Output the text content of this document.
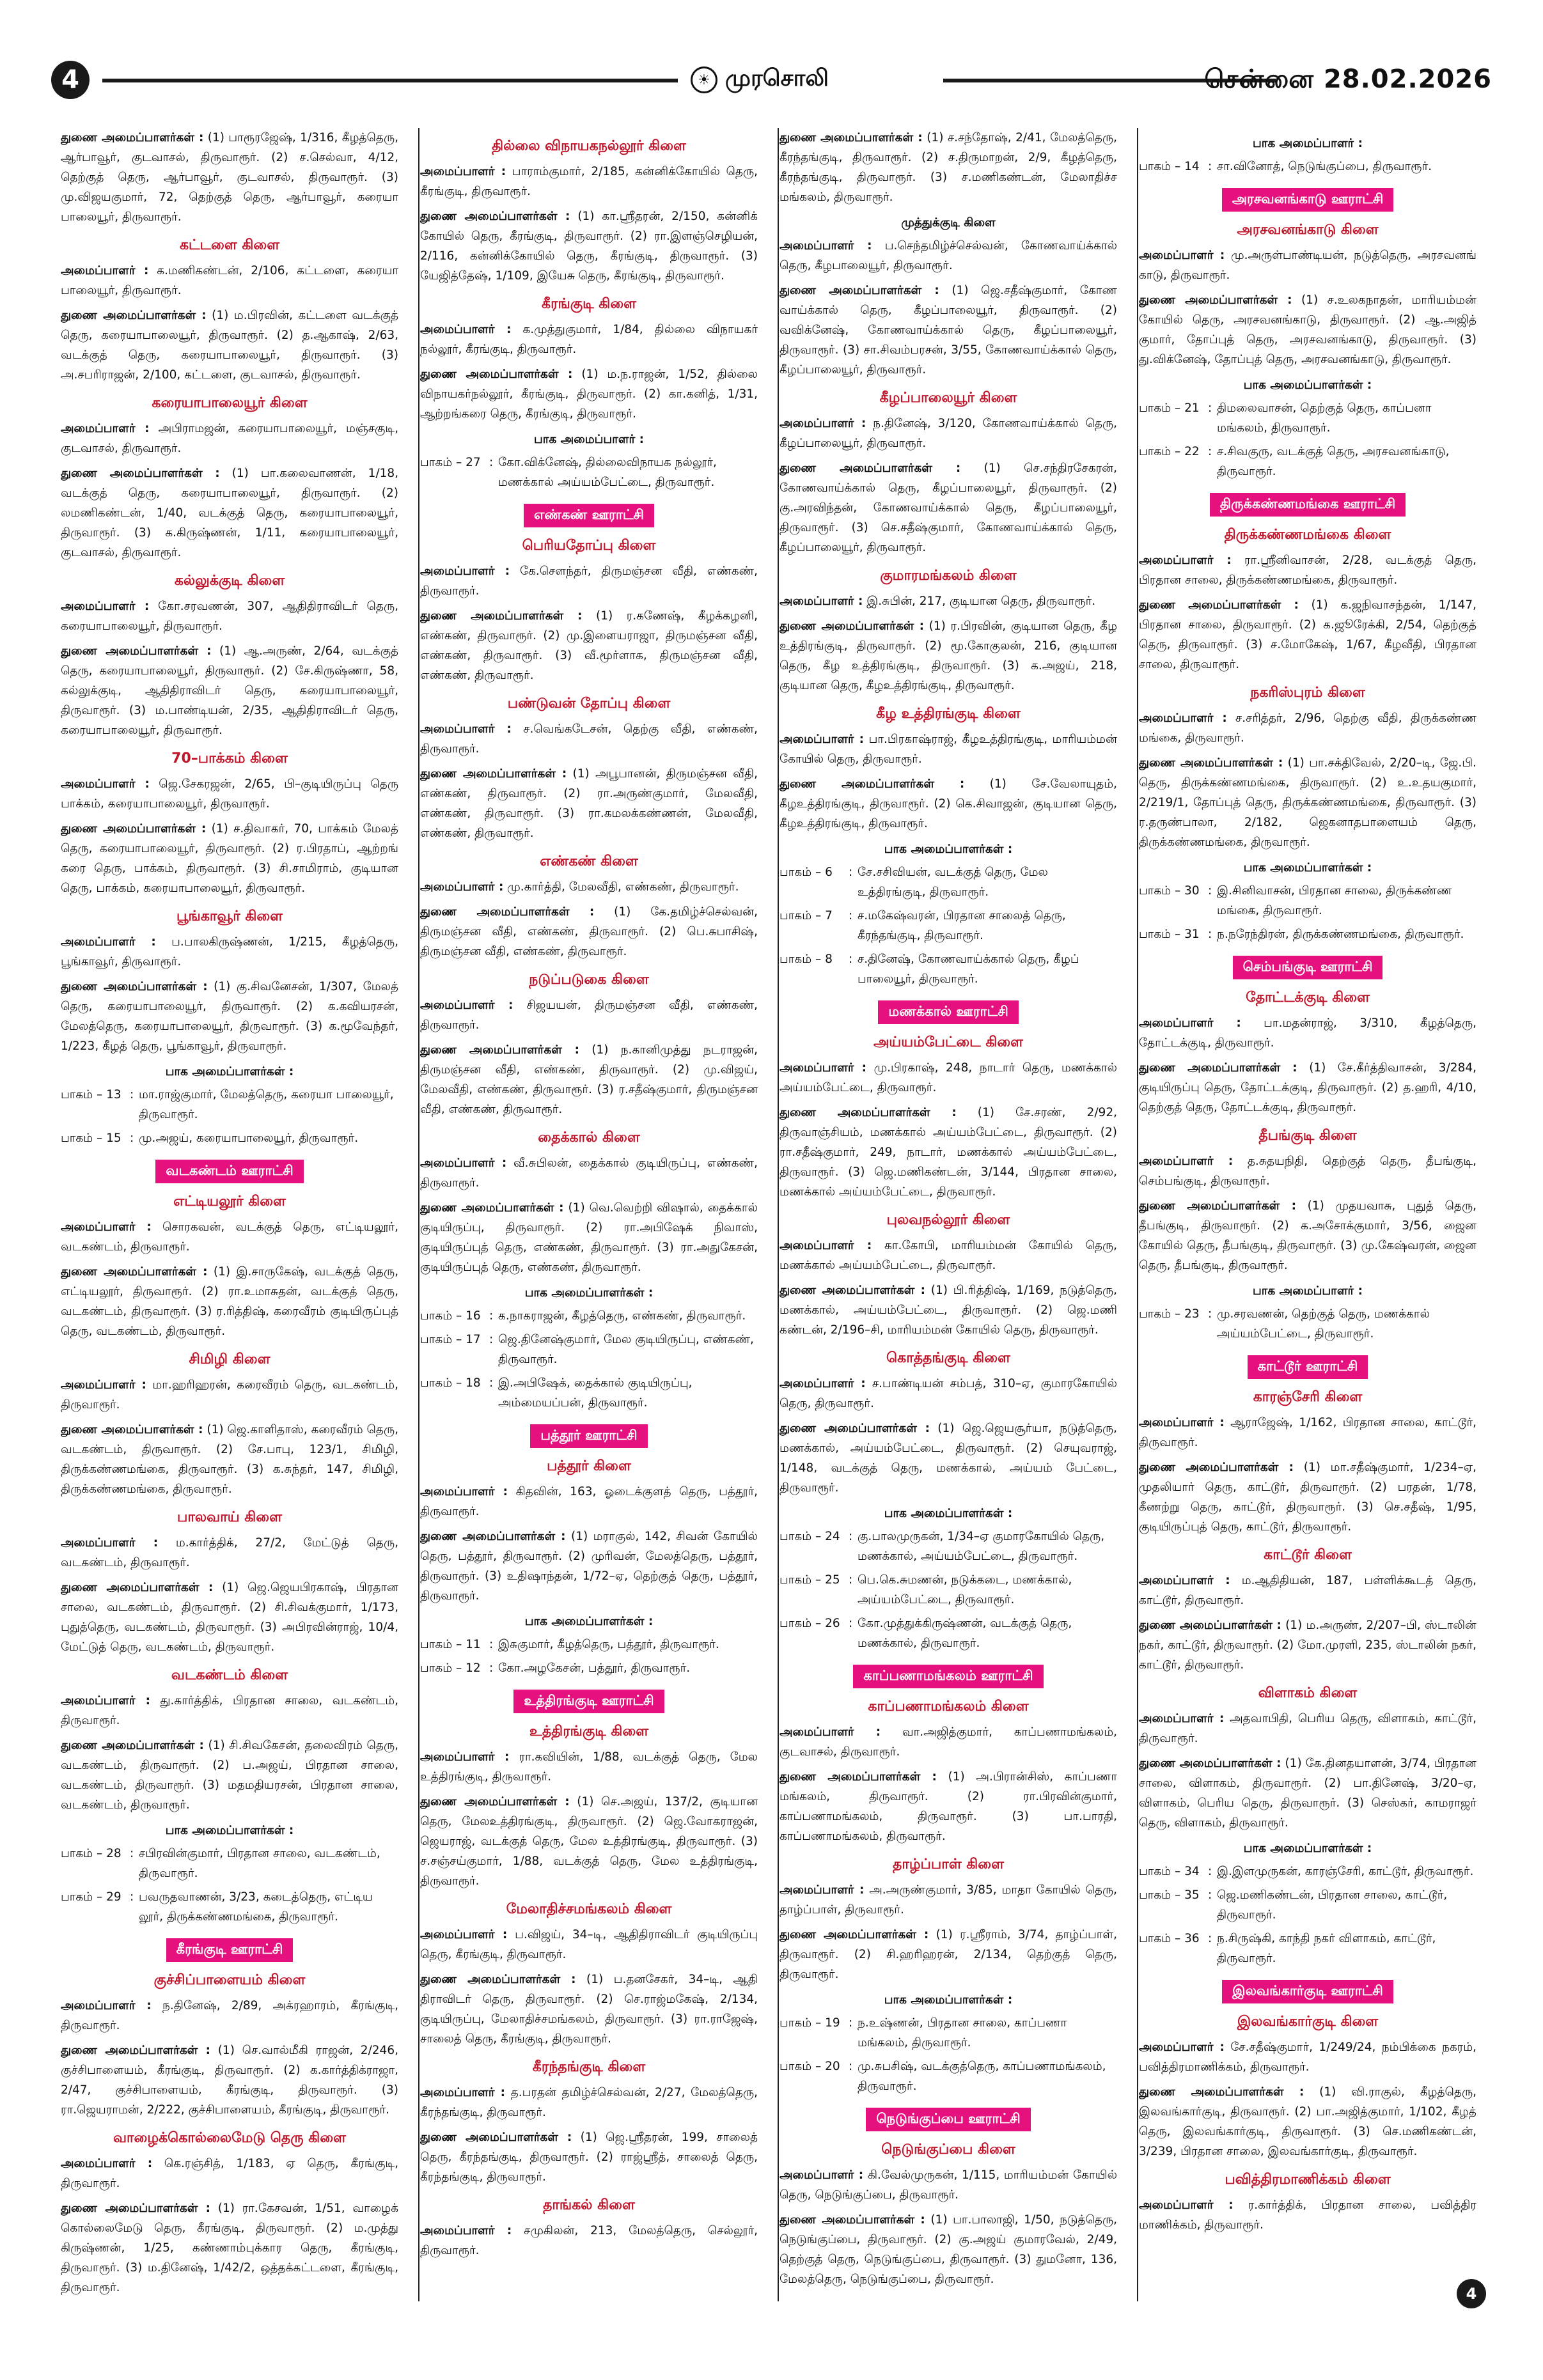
4	☀ முரசொலி	சென்னை 28.02.2026

துணை அமைப்பாளர்கள் : (1) பாரூரஜேஷ், 1/316, கீழத்தெரு, ஆர்பாவூர், குடவாசல், திருவாரூர். (2) ச.செல்வா, 4/12, தெற்குத் தெரு, ஆர்பாவூர், குடவாசல், திருவாரூர். (3) மு.விஜயகுமார், 72, தெற்குத் தெரு, ஆர்பாவூர், கரையா பாலையூர், திருவாரூர்.

கட்டளை கிளை

அமைப்பாளர் : க.மணிகண்டன், 2/106, கட்டளை, கரையா பாலையூர், திருவாரூர்.

துணை அமைப்பாளர்கள் : (1) ம.பிரவின், கட்டளை வடக்குத் தெரு, கரையாபாலையூர், திருவாரூர். (2) த.ஆகாஷ், 2/63, வடக்குத் தெரு, கரையாபாலையூர், திருவாரூர். (3) அ.சபரிராஜன், 2/100, கட்டளை, குடவாசல், திருவாரூர்.

கரையாபாலையூர் கிளை

அமைப்பாளர் : அபிராமஜன், கரையாபாலையூர், மஞ்சகுடி, குடவாசல், திருவாரூர்.

துணை அமைப்பாளர்கள் : (1) பா.கலைவாணன், 1/18, வடக்குத் தெரு, கரையாபாலையூர், திருவாரூர். (2) லமணிகண்டன், 1/40, வடக்குத் தெரு, கரையாபாலையூர், திருவாரூர். (3) க.கிருஷ்ணன், 1/11, கரையாபாலையூர், குடவாசல், திருவாரூர்.

கல்லுக்குடி கிளை

அமைப்பாளர் : கோ.சரவணன், 307, ஆதிதிராவிடர் தெரு, கரையாபாலையூர், திருவாரூர்.

துணை அமைப்பாளர்கள் : (1) ஆ.அருண், 2/64, வடக்குத் தெரு, கரையாபாலையூர், திருவாரூர். (2) சே.கிருஷ்ணா, 58, கல்லுக்குடி, ஆதிதிராவிடர் தெரு, கரையாபாலையூர், திருவாரூர். (3) ம.பாண்டியன், 2/35, ஆதிதிராவிடர் தெரு, கரையாபாலையூர், திருவாரூர்.

70–பாக்கம் கிளை

அமைப்பாளர் : ஜெ.சேகரஜன், 2/65, பி–குடியிருப்பு தெரு பாக்கம், கரையாபாலையூர், திருவாரூர்.

துணை அமைப்பாளர்கள் : (1) ச.திவாகர், 70, பாக்கம் மேலத் தெரு, கரையாபாலையூர், திருவாரூர். (2) ர.பிரதாப், ஆற்றங் கரை தெரு, பாக்கம், திருவாரூர். (3) சி.சாமிராம், குடியான தெரு, பாக்கம், கரையாபாலையூர், திருவாரூர்.

பூங்காவூர் கிளை

அமைப்பாளர் : ப.பாலகிருஷ்ணன், 1/215, கீழத்தெரு, பூங்காவூர், திருவாரூர்.

துணை அமைப்பாளர்கள் : (1) கு.சிவனேசன், 1/307, மேலத் தெரு, கரையாபாலையூர், திருவாரூர். (2) க.கவியரசன், மேலத்தெரு, கரையாபாலையூர், திருவாரூர். (3) க.மூவேந்தர், 1/223, கீழத் தெரு, பூங்காவூர், திருவாரூர்.

பாக அமைப்பாளர்கள் :
பாகம் – 13 : மா.ராஜ்குமார், மேலத்தெரு, கரையா பாலையூர், திருவாரூர்.
பாகம் – 15 : மு.அஜய், கரையாபாலையூர், திருவாரூர்.
வடகண்டம் ஊராட்சி
எட்டியலூர் கிளை

அமைப்பாளர் : சொரகவன், வடக்குத் தெரு, எட்டியலூர், வடகண்டம், திருவாரூர்.

துணை அமைப்பாளர்கள் : (1) இ.சாருகேஷ், வடக்குத் தெரு, எட்டியலூர், திருவாரூர். (2) ரா.உமாசுதன், வடக்குத் தெரு, வடகண்டம், திருவாரூர். (3) ர.ரித்திஷ், கரைவீரம் குடியிருப்புத் தெரு, வடகண்டம், திருவாரூர்.

சிமிழி கிளை

அமைப்பாளர் : மா.ஹரிஹரன், கரைவீரம் தெரு, வடகண்டம், திருவாரூர்.

துணை அமைப்பாளர்கள் : (1) ஜெ.காளிதாஸ், கரைவீரம் தெரு, வடகண்டம், திருவாரூர். (2) சே.பாபு, 123/1, சிமிழி, திருக்கண்ணமங்கை, திருவாரூர். (3) க.சுந்தர், 147, சிமிழி, திருக்கண்ணமங்கை, திருவாரூர்.

பாலவாய் கிளை

அமைப்பாளர் : ம.கார்த்திக், 27/2, மேட்டுத் தெரு, வடகண்டம், திருவாரூர்.

துணை அமைப்பாளர்கள் : (1) ஜெ.ஜெயபிரகாஷ், பிரதான சாலை, வடகண்டம், திருவாரூர். (2) சி.சிவக்குமார், 1/173, புதுத்தெரு, வடகண்டம், திருவாரூர். (3) அபிரவின்ராஜ், 10/4, மேட்டுத் தெரு, வடகண்டம், திருவாரூர்.

வடகண்டம் கிளை

அமைப்பாளர் : து.கார்த்திக், பிரதான சாலை, வடகண்டம், திருவாரூர்.

துணை அமைப்பாளர்கள் : (1) சி.சிவகேசன், தலைவிரம் தெரு, வடகண்டம், திருவாரூர். (2) ப.அஜய், பிரதான சாலை, வடகண்டம், திருவாரூர். (3) மதமதியரசன், பிரதான சாலை, வடகண்டம், திருவாரூர்.

பாக அமைப்பாளர்கள் :
பாகம் – 28 : சபிரவின்குமார், பிரதான சாலை, வடகண்டம், திருவாரூர்.
பாகம் – 29 : பவருதவாணன், 3/23, கடைத்தெரு, எட்டிய லூர், திருக்கண்ணமங்கை, திருவாரூர்.
கீரங்குடி ஊராட்சி
குச்சிப்பாளையம் கிளை

அமைப்பாளர் : ந.தினேஷ், 2/89, அக்ரஹாரம், கீரங்குடி, திருவாரூர்.

துணை அமைப்பாளர்கள் : (1) செ.வால்மீகி ராஜன், 2/246, குச்சிபாளையம், கீரங்குடி, திருவாரூர். (2) க.கார்த்திக்ராஜா, 2/47, குச்சிபாளையம், கீரங்குடி, திருவாரூர். (3) ரா.ஜெயராமன், 2/222, குச்சிபாளையம், கீரங்குடி, திருவாரூர்.

வாழைக்கொல்லைமேடு தெரு கிளை

அமைப்பாளர் : கெ.ரஞ்சித், 1/183, ஏ தெரு, கீரங்குடி, திருவாரூர்.

துணை அமைப்பாளர்கள் : (1) ரா.கேசவன், 1/51, வாழைக் கொல்லைமேடு தெரு, கீரங்குடி, திருவாரூர். (2) ம.முத்து கிருஷ்ணன், 1/25, கண்ணாம்புக்கார தெரு, கீரங்குடி, திருவாரூர். (3) ம.தினேஷ், 1/42/2, ஒத்தக்கட்டளை, கீரங்குடி, திருவாரூர்.

தில்லை விநாயகநல்லூர் கிளை

அமைப்பாளர் : பாராம்குமார், 2/185, கன்னிக்கோயில் தெரு, கீரங்குடி, திருவாரூர்.

துணை அமைப்பாளர்கள் : (1) கா.ஸ்ரீதரன், 2/150, கன்னிக் கோயில் தெரு, கீரங்குடி, திருவாரூர். (2) ரா.இளஞ்செழியன், 2/116, கன்னிக்கோயில் தெரு, கீரங்குடி, திருவாரூர். (3) யேஜித்தேஷ், 1/109, இயேசு தெரு, கீரங்குடி, திருவாரூர்.

கீரங்குடி கிளை

அமைப்பாளர் : க.முத்துகுமார், 1/84, தில்லை விநாயகர் நல்லூர், கீரங்குடி, திருவாரூர்.

துணை அமைப்பாளர்கள் : (1) ம.ந.ராஜன், 1/52, தில்லை விநாயகர்நல்லூர், கீரங்குடி, திருவாரூர். (2) கா.கனித், 1/31, ஆற்றங்கரை தெரு, கீரங்குடி, திருவாரூர்.

பாக அமைப்பாளர் :
பாகம் – 27 : கோ.விக்னேஷ், தில்லைவிநாயக நல்லூர், மணக்கால் அய்யம்பேட்டை, திருவாரூர்.
எண்கண் ஊராட்சி
பெரியதோப்பு கிளை

அமைப்பாளர் : கே.சௌந்தர், திருமஞ்சன வீதி, எண்கண், திருவாரூர்.

துணை அமைப்பாளர்கள் : (1) ர.கணேஷ், கீழக்கழனி, எண்கண், திருவாரூர். (2) மு.இளையராஜா, திருமஞ்சன வீதி, எண்கண், திருவாரூர். (3) வீ.மூர்ளாக, திருமஞ்சன வீதி, எண்கண், திருவாரூர்.

பண்டுவன் தோப்பு கிளை

அமைப்பாளர் : ச.வெங்கடேசன், தெற்கு வீதி, எண்கண், திருவாரூர்.

துணை அமைப்பாளர்கள் : (1) அபூபானன், திருமஞ்சன வீதி, எண்கண், திருவாரூர். (2) ரா.அருண்குமார், மேலவீதி, எண்கண், திருவாரூர். (3) ரா.கமலக்கண்ணன், மேலவீதி, எண்கண், திருவாரூர்.

எண்கண் கிளை

அமைப்பாளர் : மு.கார்த்தி, மேலவீதி, எண்கண், திருவாரூர்.

துணை அமைப்பாளர்கள் : (1) கே.தமிழ்ச்செல்வன், திருமஞ்சன வீதி, எண்கண், திருவாரூர். (2) பெ.சுபாசிஷ், திருமஞ்சன வீதி, எண்கண், திருவாரூர்.

நடுப்படுகை கிளை

அமைப்பாளர் : சிஜயயன், திருமஞ்சன வீதி, எண்கண், திருவாரூர்.

துணை அமைப்பாளர்கள் : (1) ந.கானிமுத்து நடராஜன், திருமஞ்சன வீதி, எண்கண், திருவாரூர். (2) மு.விஜய், மேலவீதி, எண்கண், திருவாரூர். (3) ர.சதீஷ்குமார், திருமஞ்சன வீதி, எண்கண், திருவாரூர்.

தைக்கால் கிளை

அமைப்பாளர் : வீ.சுபிலன், தைக்கால் குடியிருப்பு, எண்கண், திருவாரூர்.

துணை அமைப்பாளர்கள் : (1) வெ.வெற்றி விஷால், தைக்கால் குடியிருப்பு, திருவாரூர். (2) ரா.அபிஷேக் நிவாஸ், குடியிருப்புத் தெரு, எண்கண், திருவாரூர். (3) ரா.அதுகேசன், குடியிருப்புத் தெரு, எண்கண், திருவாரூர்.

பாக அமைப்பாளர்கள் :
பாகம் – 16 : க.நாகராஜன், கீழத்தெரு, எண்கண், திருவாரூர்.
பாகம் – 17 : ஜெ.தினேஷ்குமார், மேல குடியிருப்பு, எண்கண், திருவாரூர்.
பாகம் – 18 : இ.அபிஷேக், தைக்கால் குடியிருப்பு, அம்மையப்பன், திருவாரூர்.
பத்தூர் ஊராட்சி
பத்தூர் கிளை

அமைப்பாளர் : கிதவின், 163, ஓடைக்குளத் தெரு, பத்தூர், திருவாரூர்.

துணை அமைப்பாளர்கள் : (1) மராகுல், 142, சிவன் கோயில் தெரு, பத்தூர், திருவாரூர். (2) முரிவன், மேலத்தெரு, பத்தூர், திருவாரூர். (3) உதிஷாந்தன், 1/72–ஏ, தெற்குத் தெரு, பத்தூர், திருவாரூர்.

பாக அமைப்பாளர்கள் :
பாகம் – 11 : இசுகுமார், கீழத்தெரு, பத்தூர், திருவாரூர்.
பாகம் – 12 : கோ.அழகேசன், பத்தூர், திருவாரூர்.
உத்திரங்குடி ஊராட்சி
உத்திரங்குடி கிளை

அமைப்பாளர் : ரா.கவியின், 1/88, வடக்குத் தெரு, மேல உத்திரங்குடி, திருவாரூர்.

துணை அமைப்பாளர்கள் : (1) செ.அஜய், 137/2, குடியான தெரு, மேலஉத்திரங்குடி, திருவாரூர். (2) ஜெ.வோகராஜன், ஜெயராஜ், வடக்குத் தெரு, மேல உத்திரங்குடி, திருவாரூர். (3) ச.சஞ்சய்குமார், 1/88, வடக்குத் தெரு, மேல உத்திரங்குடி, திருவாரூர்.

மேலாதிச்சமங்கலம் கிளை

அமைப்பாளர் : ப.விஜய், 34–டி, ஆதிதிராவிடர் குடியிருப்பு தெரு, கீரங்குடி, திருவாரூர்.

துணை அமைப்பாளர்கள் : (1) ப.தனசேகர், 34–டி, ஆதி திராவிடர் தெரு, திருவாரூர். (2) செ.ராஜ்மகேஷ், 2/134, குடியிருப்பு, மேலாதிச்சமங்கலம், திருவாரூர். (3) ரா.ராஜேஷ், சாலைத் தெரு, கீரங்குடி, திருவாரூர்.

கீரந்தங்குடி கிளை

அமைப்பாளர் : த.பரதன் தமிழ்ச்செல்வன், 2/27, மேலத்தெரு, கீரந்தங்குடி, திருவாரூர்.

துணை அமைப்பாளர்கள் : (1) ஜெ.ஸ்ரீதரன், 199, சாலைத் தெரு, கீரந்தங்குடி, திருவாரூர். (2) ராஜ்ஸ்ரீத், சாலைத் தெரு, கீரந்தங்குடி, திருவாரூர்.

தாங்கல் கிளை

அமைப்பாளர் : சமுகிலன், 213, மேலத்தெரு, செல்லூர், திருவாரூர்.

துணை அமைப்பாளர்கள் : (1) ச.சந்தோஷ், 2/41, மேலத்தெரு, கீரந்தங்குடி, திருவாரூர். (2) ச.திருமாறன், 2/9, கீழத்தெரு, கீரந்தங்குடி, திருவாரூர். (3) ச.மணிகண்டன், மேலாதிச்ச மங்கலம், திருவாரூர்.

முத்துக்குடி கிளை

அமைப்பாளர் : ப.செந்தமிழ்ச்செல்வன், கோணவாய்க்கால் தெரு, கீழபாலையூர், திருவாரூர்.

துணை அமைப்பாளர்கள் : (1) ஜெ.சதீஷ்குமார், கோண வாய்க்கால் தெரு, கீழப்பாலையூர், திருவாரூர். (2) வவிக்னேஷ், கோணவாய்க்கால் தெரு, கீழப்பாலையூர், திருவாரூர். (3) சா.சிவம்பரசன், 3/55, கோணவாய்க்கால் தெரு, கீழப்பாலையூர், திருவாரூர்.

கீழப்பாலையூர் கிளை

அமைப்பாளர் : ந.தினேஷ், 3/120, கோணவாய்க்கால் தெரு, கீழப்பாலையூர், திருவாரூர்.

துணை அமைப்பாளர்கள் : (1) செ.சந்திரசேகரன், கோணவாய்க்கால் தெரு, கீழப்பாலையூர், திருவாரூர். (2) கு.அரவிந்தன், கோணவாய்க்கால் தெரு, கீழப்பாலையூர், திருவாரூர். (3) செ.சதீஷ்குமார், கோணவாய்க்கால் தெரு, கீழப்பாலையூர், திருவாரூர்.

குமாரமங்கலம் கிளை

அமைப்பாளர் : இ.சுபின், 217, குடியான தெரு, திருவாரூர்.

துணை அமைப்பாளர்கள் : (1) ர.பிரவின், குடியான தெரு, கீழ உத்திரங்குடி, திருவாரூர். (2) மூ.கோகுலன், 216, குடியான தெரு, கீழ உத்திரங்குடி, திருவாரூர். (3) க.அஜய், 218, குடியான தெரு, கீழஉத்திரங்குடி, திருவாரூர்.

கீழ உத்திரங்குடி கிளை

அமைப்பாளர் : பா.பிரகாஷ்ராஜ், கீழஉத்திரங்குடி, மாரியம்மன் கோயில் தெரு, திருவாரூர்.

துணை அமைப்பாளர்கள் : (1) சே.வேலாயுதம், கீழஉத்திரங்குடி, திருவாரூர். (2) கெ.சிவாஜன், குடியான தெரு, கீழஉத்திரங்குடி, திருவாரூர்.

பாக அமைப்பாளர்கள் :
பாகம் – 6	: சே.சசிவியன், வடக்குத் தெரு, மேல உத்திரங்குடி, திருவாரூர்.
பாகம் – 7	: ச.மகேஷ்வரன், பிரதான சாலைத் தெரு, கீரந்தங்குடி, திருவாரூர்.
பாகம் – 8	: ச.தினேஷ், கோணவாய்க்கால் தெரு, கீழப் பாலையூர், திருவாரூர்.
மணக்கால் ஊராட்சி
அய்யம்பேட்டை கிளை

அமைப்பாளர் : மு.பிரகாஷ், 248, நாடார் தெரு, மணக்கால் அய்யம்பேட்டை, திருவாரூர்.

துணை அமைப்பாளர்கள் : (1) சே.சரண், 2/92, திருவாஞ்சியம், மணக்கால் அய்யம்பேட்டை, திருவாரூர். (2) ரா.சதீஷ்குமார், 249, நாடார், மணக்கால் அய்யம்பேட்டை, திருவாரூர். (3) ஜெ.மணிகண்டன், 3/144, பிரதான சாலை, மணக்கால் அய்யம்பேட்டை, திருவாரூர்.

புலவநல்லூர் கிளை

அமைப்பாளர் : கா.கோபி, மாரியம்மன் கோயில் தெரு, மணக்கால் அய்யம்பேட்டை, திருவாரூர்.

துணை அமைப்பாளர்கள் : (1) பி.ரித்திஷ், 1/169, நடுத்தெரு, மணக்கால், அய்யம்பேட்டை, திருவாரூர். (2) ஜெ.மணி கண்டன், 2/196–சி, மாரியம்மன் கோயில் தெரு, திருவாரூர்.

கொத்தங்குடி கிளை

அமைப்பாளர் : ச.பாண்டியன் சம்பத், 310–ஏ, குமாரகோயில் தெரு, திருவாரூர்.

துணை அமைப்பாளர்கள் : (1) ஜெ.ஜெயசூர்யா, நடுத்தெரு, மணக்கால், அய்யம்பேட்டை, திருவாரூர். (2) செயுவராஜ், 1/148, வடக்குத் தெரு, மணக்கால், அய்யம் பேட்டை, திருவாரூர்.

பாக அமைப்பாளர்கள் :
பாகம் – 24 : கு.பாலமுருகன், 1/34–ஏ குமாரகோயில் தெரு, மணக்கால், அய்யம்பேட்டை, திருவாரூர்.
பாகம் – 25 : பெ.கெ.சுமணன், நடுக்கடை, மணக்கால், அய்யம்பேட்டை, திருவாரூர்.
பாகம் – 26 : கோ.முத்துக்கிருஷ்ணன், வடக்குத் தெரு, மணக்கால், திருவாரூர்.
காப்பணாமங்கலம் ஊராட்சி
காப்பணாமங்கலம் கிளை

அமைப்பாளர் : வா.அஜித்குமார், காப்பணாமங்கலம், குடவாசல், திருவாரூர்.

துணை அமைப்பாளர்கள் : (1) அ.பிரான்சிஸ், காப்பணா மங்கலம், திருவாரூர். (2) ரா.பிரவின்குமார், காப்பணாமங்கலம், திருவாரூர். (3) பா.பாரதி, காப்பணாமங்கலம், திருவாரூர்.

தாழ்ப்பாள் கிளை

அமைப்பாளர் : அ.அருண்குமார், 3/85, மாதா கோயில் தெரு, தாழ்ப்பாள், திருவாரூர்.

துணை அமைப்பாளர்கள் : (1) ர.ஸ்ரீராம், 3/74, தாழ்ப்பாள், திருவாரூர். (2) சி.ஹரிஹரன், 2/134, தெற்குத் தெரு, திருவாரூர்.

பாக அமைப்பாளர்கள் :
பாகம் – 19 : ந.உஷ்ணன், பிரதான சாலை, காப்பணா மங்கலம், திருவாரூர்.
பாகம் – 20 : மு.சுபசிஷ், வடக்குத்தெரு, காப்பணாமங்கலம், திருவாரூர்.
நெடுங்குப்பை ஊராட்சி
நெடுங்குப்பை கிளை

அமைப்பாளர் : கி.வேல்முருகன், 1/115, மாரியம்மன் கோயில் தெரு, நெடுங்குப்பை, திருவாரூர்.

துணை அமைப்பாளர்கள் : (1) பா.பாலாஜி, 1/50, நடுத்தெரு, நெடுங்குப்பை, திருவாரூர். (2) கு.அஜய் குமாரவேல், 2/49, தெற்குத் தெரு, நெடுங்குப்பை, திருவாரூர். (3) துமனோ, 136, மேலத்தெரு, நெடுங்குப்பை, திருவாரூர்.

பாக அமைப்பாளர் :
பாகம் – 14 : சா.வினோத், நெடுங்குப்பை, திருவாரூர்.
அரசவனங்காடு ஊராட்சி
அரசவனங்காடு கிளை

அமைப்பாளர் : மு.அருள்பாண்டியன், நடுத்தெரு, அரசவனங் காடு, திருவாரூர்.

துணை அமைப்பாளர்கள் : (1) ச.உலகநாதன், மாரியம்மன் கோயில் தெரு, அரசவனங்காடு, திருவாரூர். (2) ஆ.அஜித் குமார், தோப்புத் தெரு, அரசவனங்காடு, திருவாரூர். (3) து.விக்னேஷ், தோப்புத் தெரு, அரசவனங்காடு, திருவாரூர்.

பாக அமைப்பாளர்கள் :
பாகம் – 21 : திமலைவாசன், தெற்குத் தெரு, காப்பனா மங்கலம், திருவாரூர்.
பாகம் – 22 : ச.சிவகுரு, வடக்குத் தெரு, அரசவனங்காடு, திருவாரூர்.
திருக்கண்ணமங்கை ஊராட்சி
திருக்கண்ணமங்கை கிளை

அமைப்பாளர் : ரா.ஸ்ரீனிவாசன், 2/28, வடக்குத் தெரு, பிரதான சாலை, திருக்கண்ணமங்கை, திருவாரூர்.

துணை அமைப்பாளர்கள் : (1) க.ஜநிவாசந்தன், 1/147, பிரதான சாலை, திருவாரூர். (2) க.ஜூரேக்கி, 2/54, தெற்குத் தெரு, திருவாரூர். (3) ச.மோகேஷ், 1/67, கீழவீதி, பிரதான சாலை, திருவாரூர்.

நகரிஸ்புரம் கிளை

அமைப்பாளர் : ச.சரித்தர், 2/96, தெற்கு வீதி, திருக்கண்ண மங்கை, திருவாரூர்.

துணை அமைப்பாளர்கள் : (1) பா.சக்திவேல், 2/20–டி, ஜே.பி. தெரு, திருக்கண்ணமங்கை, திருவாரூர். (2) உ.உதயகுமார், 2/219/1, தோப்புத் தெரு, திருக்கண்ணமங்கை, திருவாரூர். (3) ர.தருண்பாலா, 2/182, ஜெகனாதபாளையம் தெரு, திருக்கண்ணமங்கை, திருவாரூர்.

பாக அமைப்பாளர்கள் :
பாகம் – 30 : இ.சினிவாசன், பிரதான சாலை, திருக்கண்ண மங்கை, திருவாரூர்.
பாகம் – 31 : ந.நரேந்திரன், திருக்கண்ணமங்கை, திருவாரூர்.
செம்பங்குடி ஊராட்சி
தோட்டக்குடி கிளை

அமைப்பாளர் : பா.மதன்ராஜ், 3/310, கீழத்தெரு, தோட்டக்குடி, திருவாரூர்.

துணை அமைப்பாளர்கள் : (1) சே.கீர்த்திவாசன், 3/284, குடியிருப்பு தெரு, தோட்டக்குடி, திருவாரூர். (2) த.ஹரி, 4/10, தெற்குத் தெரு, தோட்டக்குடி, திருவாரூர்.

தீபங்குடி கிளை

அமைப்பாளர் : த.சுதயநிதி, தெற்குத் தெரு, தீபங்குடி, செம்பங்குடி, திருவாரூர்.

துணை அமைப்பாளர்கள் : (1) முதயவாசு, புதுத் தெரு, தீபங்குடி, திருவாரூர். (2) க.அசோக்குமார், 3/56, ஜைன கோயில் தெரு, தீபங்குடி, திருவாரூர். (3) மு.கேஷ்வரன், ஜைன தெரு, தீபங்குடி, திருவாரூர்.

பாக அமைப்பாளர் :
பாகம் – 23 : மு.சரவணன், தெற்குத் தெரு, மணக்கால் அய்யம்பேட்டை, திருவாரூர்.
காட்டூர் ஊராட்சி
காரஞ்சேரி கிளை

அமைப்பாளர் : ஆராஜேஷ், 1/162, பிரதான சாலை, காட்டூர், திருவாரூர்.

துணை அமைப்பாளர்கள் : (1) மா.சதீஷ்குமார், 1/234–ஏ, முதலியார் தெரு, காட்டூர், திருவாரூர். (2) பரதன், 1/78, கீணற்று தெரு, காட்டூர், திருவாரூர். (3) செ.சதீஷ், 1/95, குடியிருப்புத் தெரு, காட்டூர், திருவாரூர்.

காட்டூர் கிளை

அமைப்பாளர் : ம.ஆதிதியன், 187, பள்ளிக்கூடத் தெரு, காட்டூர், திருவாரூர்.

துணை அமைப்பாளர்கள் : (1) ம.அருண், 2/207–பி, ஸ்டாலின் நகர், காட்டூர், திருவாரூர். (2) மோ.முரளி, 235, ஸ்டாலின் நகர், காட்டூர், திருவாரூர்.

விளாகம் கிளை

அமைப்பாளர் : அதவாபிதி, பெரிய தெரு, விளாகம், காட்டூர், திருவாரூர்.

துணை அமைப்பாளர்கள் : (1) கே.தினதயாளன், 3/74, பிரதான சாலை, விளாகம், திருவாரூர். (2) பா.தினேஷ், 3/20–ஏ, விளாகம், பெரிய தெரு, திருவாரூர். (3) செஸ்கர், காமராஜர் தெரு, விளாகம், திருவாரூர்.

பாக அமைப்பாளர்கள் :
பாகம் – 34 : இ.இளமுருகன், காரஞ்சேரி, காட்டூர், திருவாரூர்.
பாகம் – 35 : ஜெ.மணிகண்டன், பிரதான சாலை, காட்டூர், திருவாரூர்.
பாகம் – 36 : ந.சிருஷ்கி, காந்தி நகர் விளாகம், காட்டூர், திருவாரூர்.
இலவங்கார்குடி ஊராட்சி
இலவங்கார்குடி கிளை

அமைப்பாளர் : சே.சதீஷ்குமார், 1/249/24, நம்பிக்கை நகரம், பவித்திரமாணிக்கம், திருவாரூர்.

துணை அமைப்பாளர்கள் : (1) வி.ராகுல், கீழத்தெரு, இலவங்கார்குடி, திருவாரூர். (2) பா.அஜித்குமார், 1/102, கீழத் தெரு, இலவங்கார்குடி, திருவாரூர். (3) செ.மணிகண்டன், 3/239, பிரதான சாலை, இலவங்கார்குடி, திருவாரூர்.

பவித்திரமாணிக்கம் கிளை

அமைப்பாளர் : ர.கார்த்திக், பிரதான சாலை, பவித்திர மாணிக்கம், திருவாரூர்.

4
